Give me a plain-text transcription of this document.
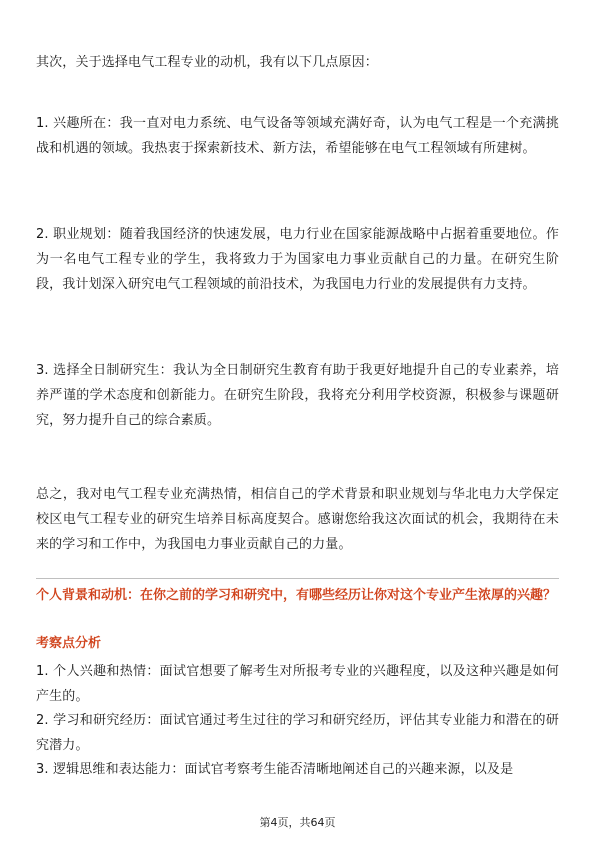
其次，关于选择电气工程专业的动机，我有以下几点原因：

1. 兴趣所在：我一直对电力系统、电气设备等领域充满好奇，认为电气工程是一个充满挑战和机遇的领域。我热衷于探索新技术、新方法，希望能够在电气工程领域有所建树。

2. 职业规划：随着我国经济的快速发展，电力行业在国家能源战略中占据着重要地位。作为一名电气工程专业的学生，我将致力于为国家电力事业贡献自己的力量。在研究生阶段，我计划深入研究电气工程领域的前沿技术，为我国电力行业的发展提供有力支持。

3. 选择全日制研究生：我认为全日制研究生教育有助于我更好地提升自己的专业素养，培养严谨的学术态度和创新能力。在研究生阶段，我将充分利用学校资源，积极参与课题研究，努力提升自己的综合素质。

总之，我对电气工程专业充满热情，相信自己的学术背景和职业规划与华北电力大学保定校区电气工程专业的研究生培养目标高度契合。感谢您给我这次面试的机会，我期待在未来的学习和工作中，为我国电力事业贡献自己的力量。

个人背景和动机：在你之前的学习和研究中，有哪些经历让你对这个专业产生浓厚的兴趣？

考察点分析

1. 个人兴趣和热情：面试官想要了解考生对所报考专业的兴趣程度，以及这种兴趣是如何产生的。
2. 学习和研究经历：面试官通过考生过往的学习和研究经历，评估其专业能力和潜在的研究潜力。
3. 逻辑思维和表达能力：面试官考察考生能否清晰地阐述自己的兴趣来源，以及是
第4页，共64页
